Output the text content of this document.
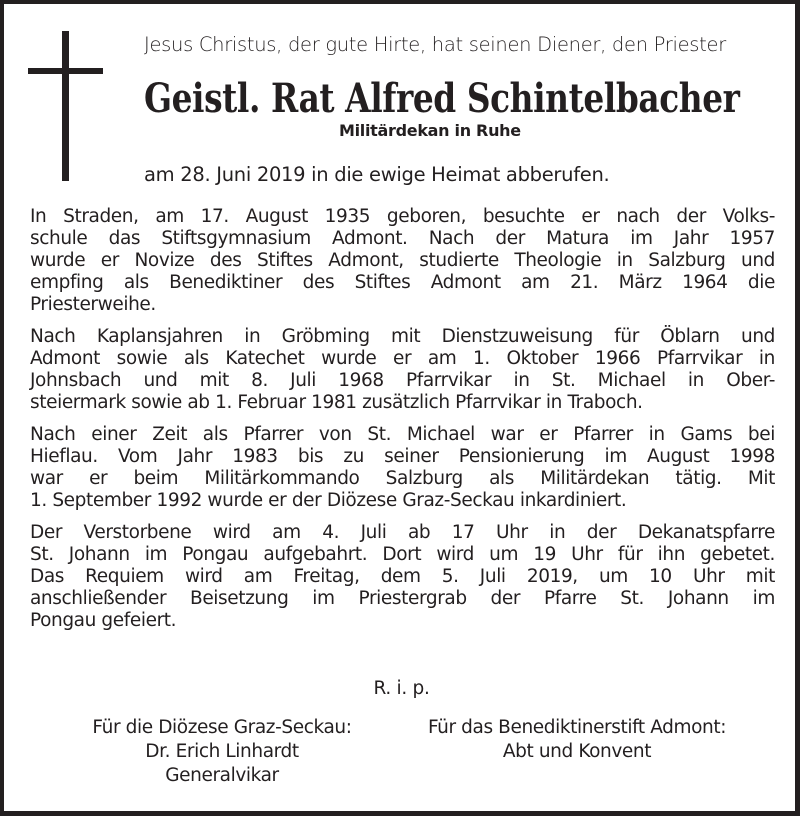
Jesus Christus, der gute Hirte, hat seinen Diener, den Priester
Geistl. Rat Alfred Schintelbacher
Militärdekan in Ruhe
am 28. Juni 2019 in die ewige Heimat abberufen.

In Straden, am 17. August 1935 geboren, besuchte er nach der Volks-
schule das Stiftsgymnasium Admont. Nach der Matura im Jahr 1957
wurde er Novize des Stiftes Admont, studierte Theologie in Salzburg und
empfing als Benediktiner des Stiftes Admont am 21. März 1964 die
Priesterweihe.

Nach Kaplansjahren in Gröbming mit Dienstzuweisung für Öblarn und
Admont sowie als Katechet wurde er am 1. Oktober 1966 Pfarrvikar in
Johnsbach und mit 8. Juli 1968 Pfarrvikar in St. Michael in Ober-
steiermark sowie ab 1. Februar 1981 zusätzlich Pfarrvikar in Traboch.

Nach einer Zeit als Pfarrer von St. Michael war er Pfarrer in Gams bei
Hieflau. Vom Jahr 1983 bis zu seiner Pensionierung im August 1998
war er beim Militärkommando Salzburg als Militärdekan tätig. Mit
1. September 1992 wurde er der Diözese Graz-Seckau inkardiniert.

Der Verstorbene wird am 4. Juli ab 17 Uhr in der Dekanatspfarre
St. Johann im Pongau aufgebahrt. Dort wird um 19 Uhr für ihn gebetet.
Das Requiem wird am Freitag, dem 5. Juli 2019, um 10 Uhr mit
anschließender Beisetzung im Priestergrab der Pfarre St. Johann im
Pongau gefeiert.

R. i. p.
Für die Diözese Graz-Seckau:
Dr. Erich Linhardt
Generalvikar
Für das Benediktinerstift Admont:
Abt und Konvent
